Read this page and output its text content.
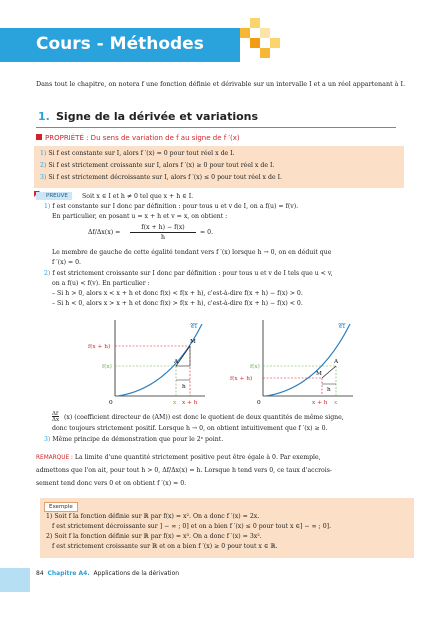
Cours - Méthodes
Dans tout le chapitre, on notera f une fonction définie et dérivable sur un intervalle I et a un réel appartenant à I.
1. Signe de la dérivée et variations
PROPRIÉTÉ : Du sens de variation de f au signe de f ′(x)
1) Si f est constante sur I, alors f ′(x) = 0 pour tout réel x de I.
2) Si f est strictement croissante sur I, alors f ′(x) ≥ 0 pour tout réel x de I.
3) Si f est strictement décroissante sur I, alors f ′(x) ≤ 0 pour tout réel x de I.
PREUVE	Soit x ∈ I et h ≠ 0 tel que x + h ∈ I.
1) f est constante sur I donc par définition : pour tous u et v de I, on a f(u) = f(v).
En particulier, en posant u = x + h et v = x, on obtient :
Δf/Δx(x) =
f(x + h) − f(x)
h
= 0.
Le membre de gauche de cette égalité tendant vers f ′(x) lorsque h → 0, on en déduit que
f ′(x) = 0.
2) f est strictement croissante sur I donc par définition : pour tous u et v de I tels que u < v,
on a f(u) < f(v). En particulier :
– Si h > 0, alors x < x + h et donc f(x) < f(x + h), c'est-à-dire f(x + h) − f(x) > 0.
– Si h < 0, alors x > x + h et donc f(x) > f(x + h), c'est-à-dire f(x + h) − f(x) < 0.
𝒞f
f(x + h)
f(x)
M
A
h
0	x x + h
𝒞f
f(x)
f(x + h)
M
A
h
0	x + h x
Δf
Δx (x) (coefficient directeur de (AM)) est donc le quotient de deux quantités de même signe,
donc toujours strictement positif. Lorsque h → 0, on obtient intuitivement que f ′(x) ≥ 0.
3) Même principe de démonstration que pour le 2ᵉ point.
REMARQUE : La limite d'une quantité strictement positive peut être égale à 0. Par exemple,
admettons que l'on ait, pour tout h > 0, Δf/Δx(x) = h. Lorsque h tend vers 0, ce taux d'accrois-
sement tend donc vers 0 et on obtient f ′(x) = 0.
Exemple
1) Soit f la fonction définie sur ℝ par f(x) = x². On a donc f ′(x) = 2x.
f est strictement décroissante sur ] − ∞ ; 0] et on a bien f ′(x) ≤ 0 pour tout x ∈] − ∞ ; 0].
2) Soit f la fonction définie sur ℝ par f(x) = x³. On a donc f ′(x) = 3x².
f est strictement croissante sur ℝ et on a bien f ′(x) ≥ 0 pour tout x ∈ ℝ.
84 Chapitre A4. Applications de la dérivation
